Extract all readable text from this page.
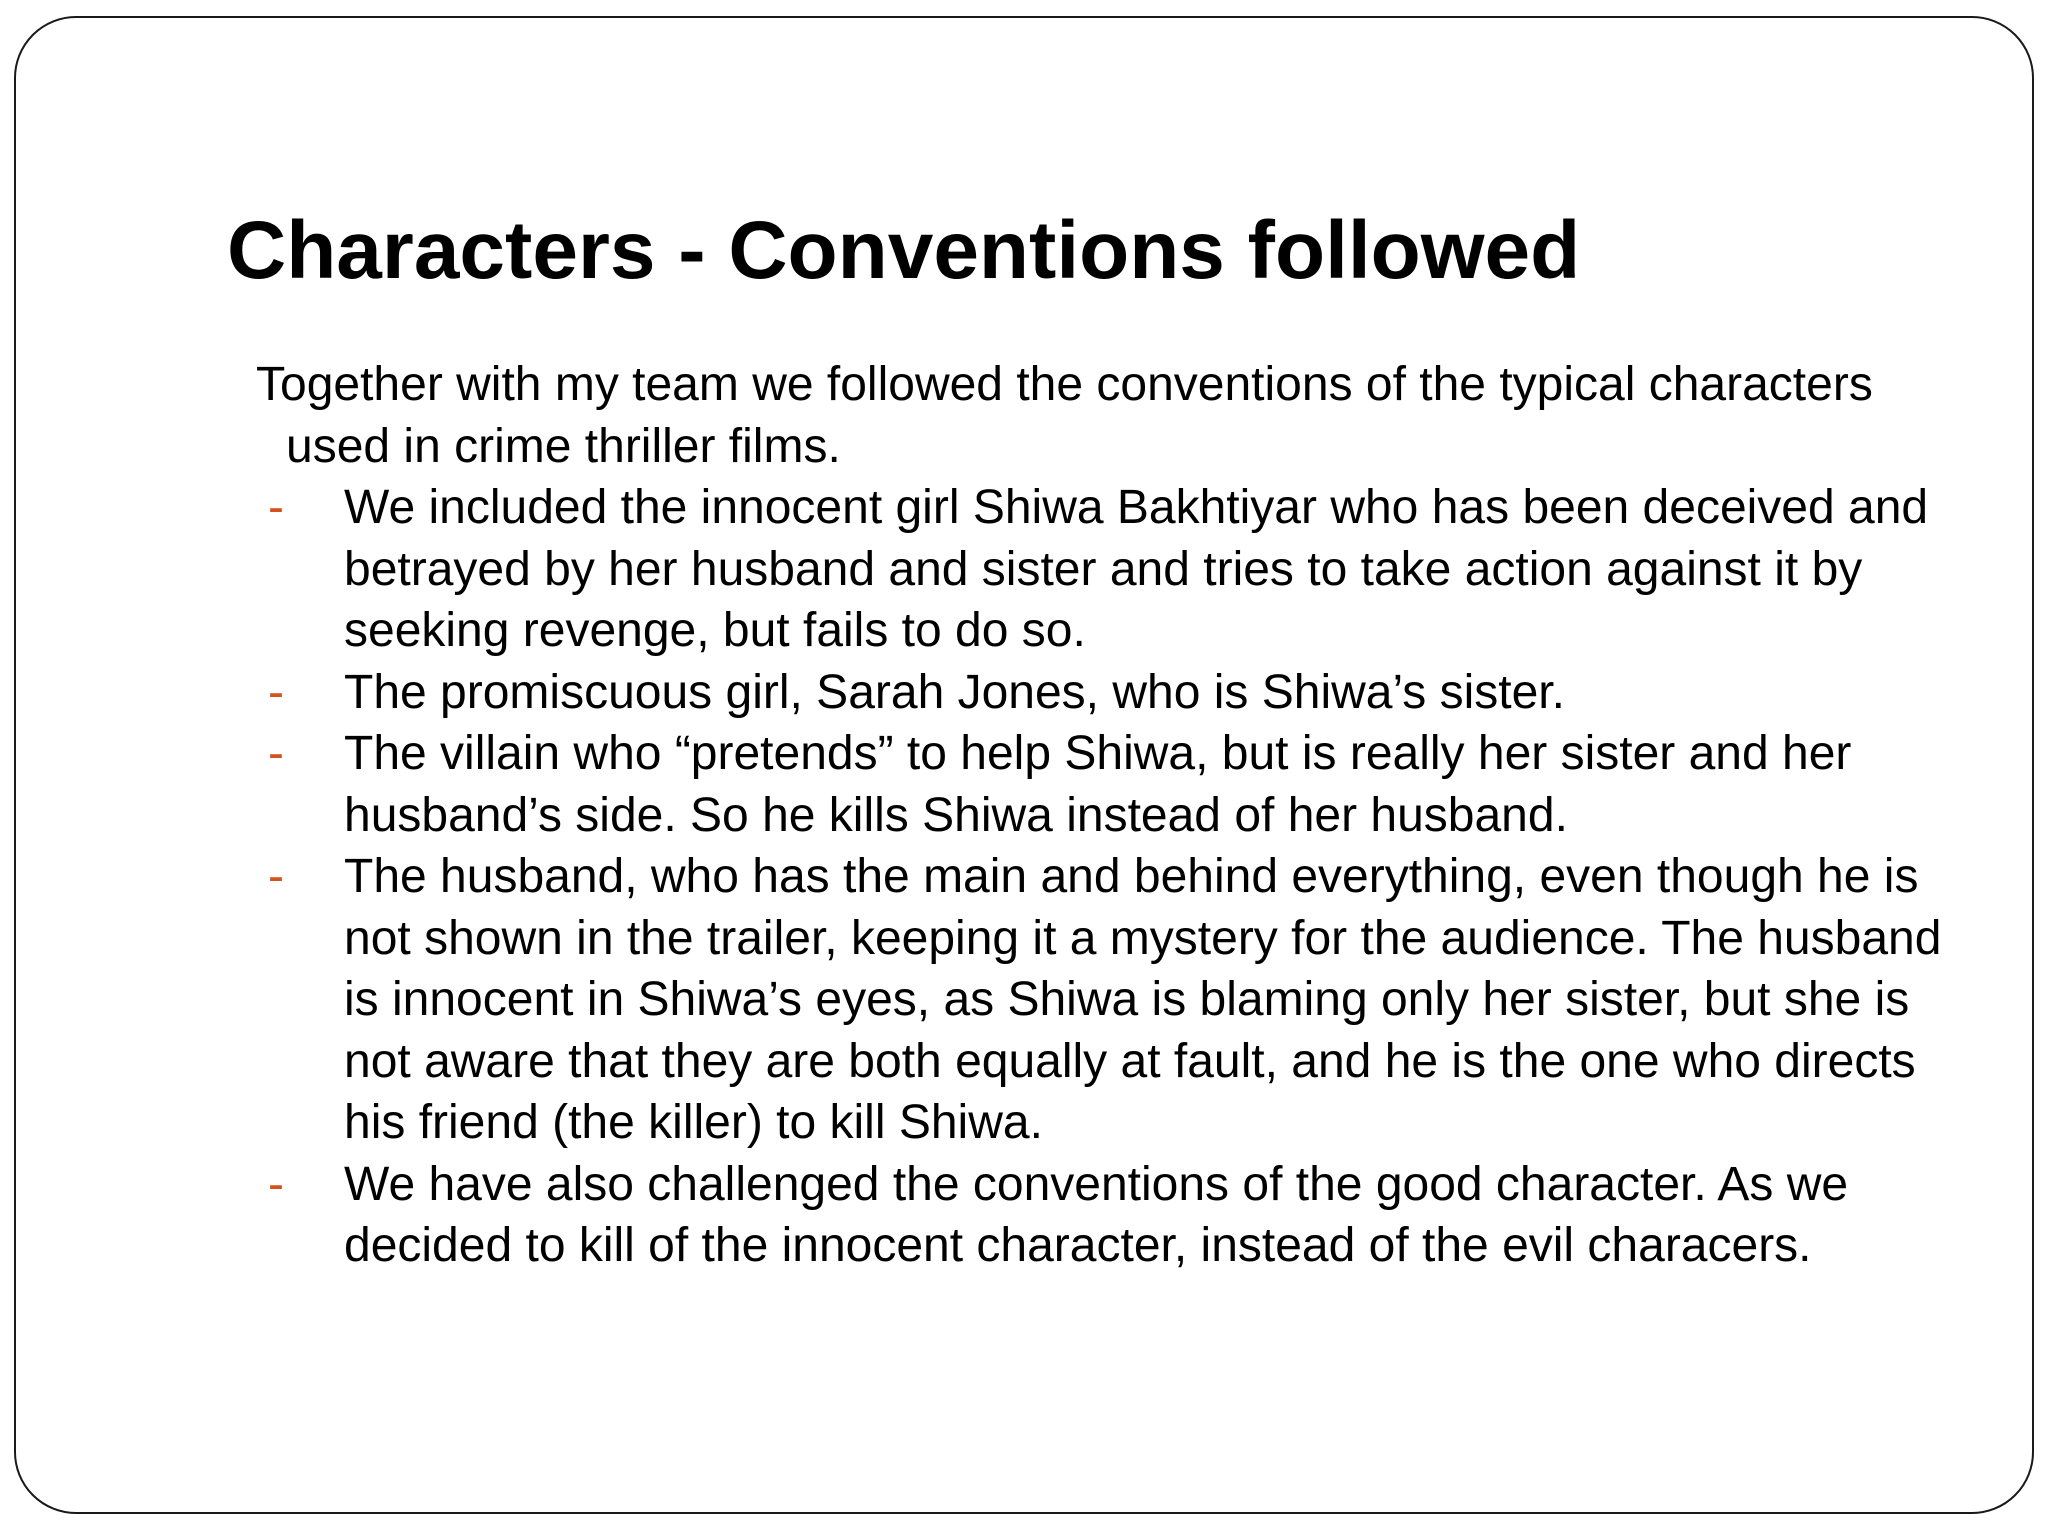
Characters - Conventions followed

Together with my team we followed the conventions of the typical characters used in crime thriller films.

- We included the innocent girl Shiwa Bakhtiyar who has been deceived and betrayed by her husband and sister and tries to take action against it by seeking revenge, but fails to do so.
- The promiscuous girl, Sarah Jones, who is Shiwa’s sister.
- The villain who “pretends” to help Shiwa, but is really her sister and her husband’s side. So he kills Shiwa instead of her husband.
- The husband, who has the main and behind everything, even though he is not shown in the trailer, keeping it a mystery for the audience. The husband is innocent in Shiwa’s eyes, as Shiwa is blaming only her sister, but she is not aware that they are both equally at fault, and he is the one who directs his friend (the killer) to kill Shiwa.
- We have also challenged the conventions of the good character. As we decided to kill of the innocent character, instead of the evil characers.
